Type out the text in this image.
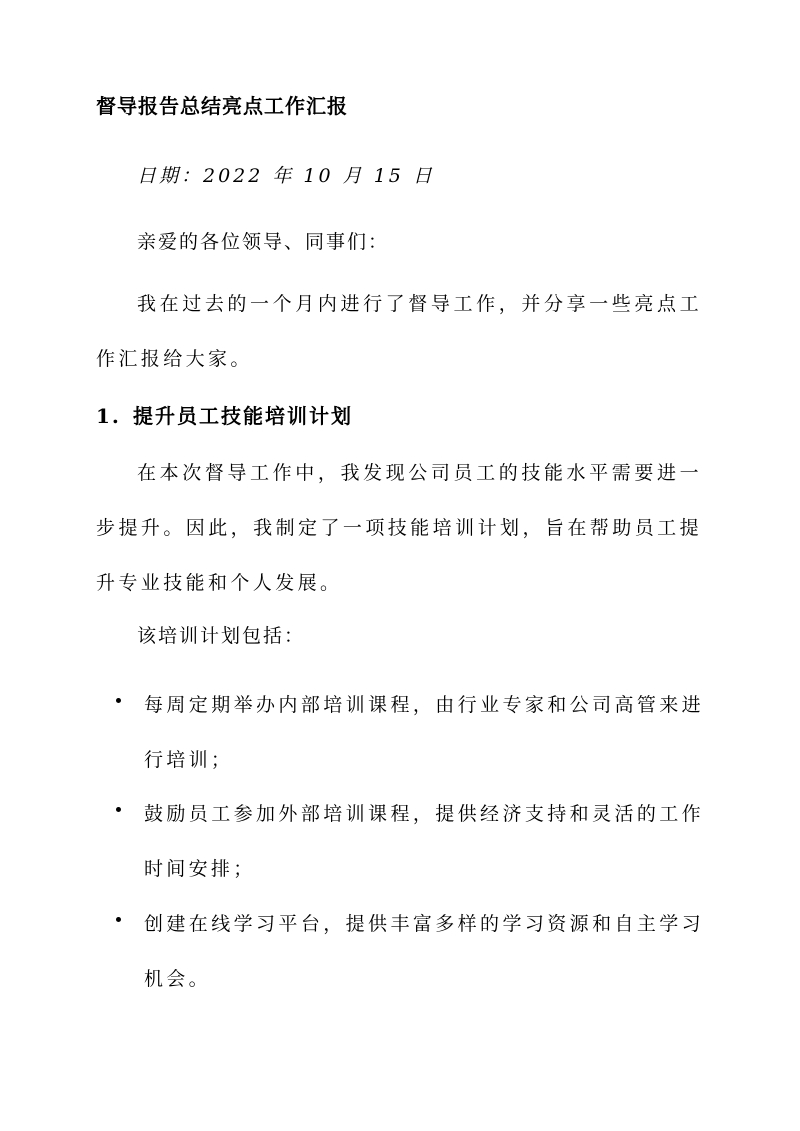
督导报告总结亮点工作汇报
日期：2022 年 10 月 15 日
亲爱的各位领导、同事们：
我在过去的一个月内进行了督导工作，并分享一些亮点工作汇报给大家。
1. 提升员工技能培训计划
在本次督导工作中，我发现公司员工的技能水平需要进一步提升。因此，我制定了一项技能培训计划，旨在帮助员工提升专业技能和个人发展。
该培训计划包括：
每周定期举办内部培训课程，由行业专家和公司高管来进行培训；
鼓励员工参加外部培训课程，提供经济支持和灵活的工作时间安排；
创建在线学习平台，提供丰富多样的学习资源和自主学习机会。
